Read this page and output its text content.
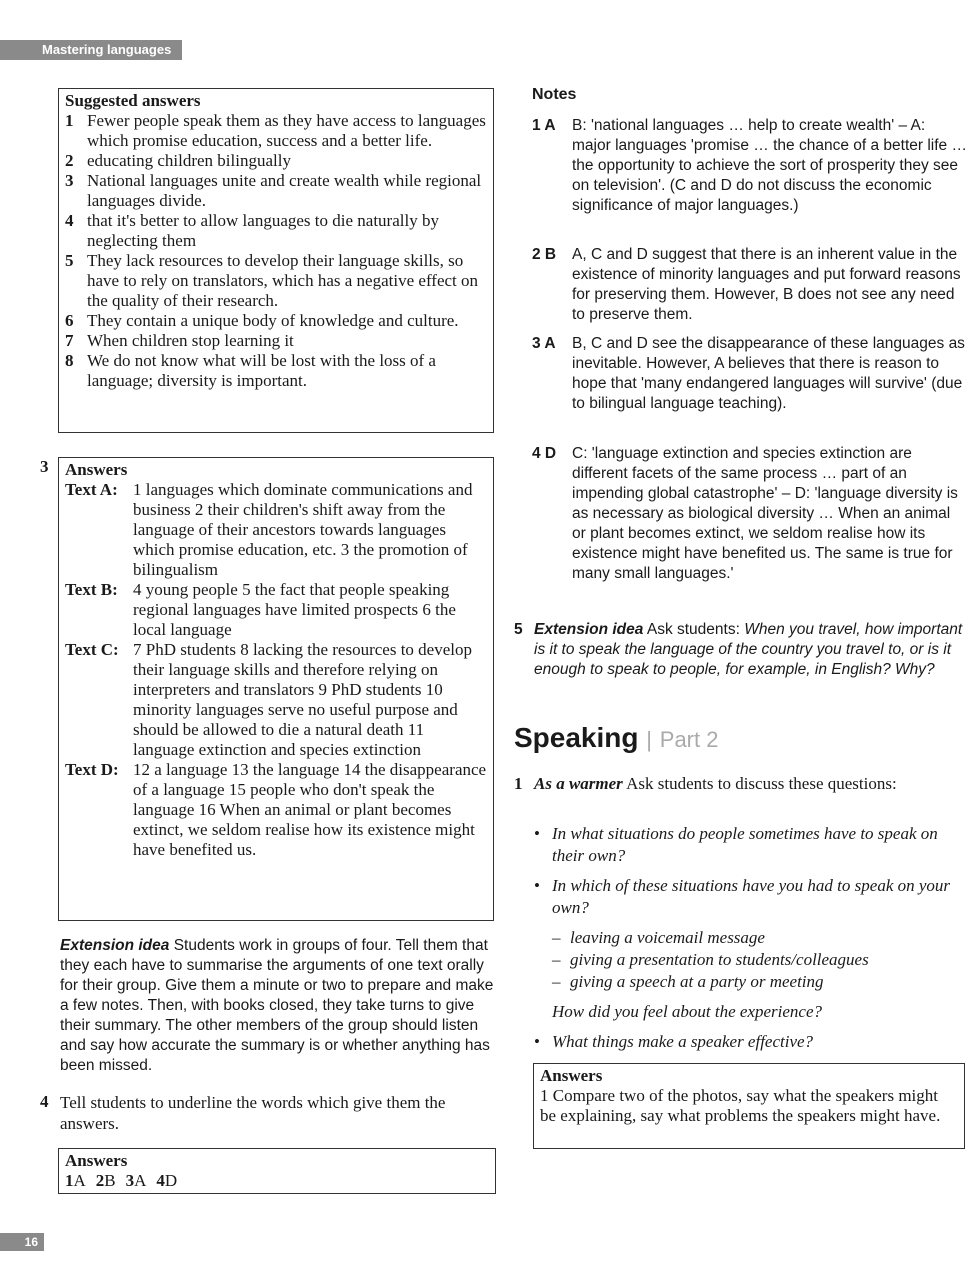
Mastering languages
Suggested answers
1 Fewer people speak them as they have access to languages which promise education, success and a better life.
2 educating children bilingually
3 National languages unite and create wealth while regional languages divide.
4 that it's better to allow languages to die naturally by neglecting them
5 They lack resources to develop their language skills, so have to rely on translators, which has a negative effect on the quality of their research.
6 They contain a unique body of knowledge and culture.
7 When children stop learning it
8 We do not know what will be lost with the loss of a language; diversity is important.
3 Answers
Text A: 1 languages which dominate communications and business 2 their children's shift away from the language of their ancestors towards languages which promise education, etc. 3 the promotion of bilingualism
Text B: 4 young people 5 the fact that people speaking regional languages have limited prospects 6 the local language
Text C: 7 PhD students 8 lacking the resources to develop their language skills and therefore relying on interpreters and translators 9 PhD students 10 minority languages serve no useful purpose and should be allowed to die a natural death 11 language extinction and species extinction
Text D: 12 a language 13 the language 14 the disappearance of a language 15 people who don't speak the language 16 When an animal or plant becomes extinct, we seldom realise how its existence might have benefited us.
Extension idea Students work in groups of four. Tell them that they each have to summarise the arguments of one text orally for their group. Give them a minute or two to prepare and make a few notes. Then, with books closed, they take turns to give their summary. The other members of the group should listen and say how accurate the summary is or whether anything has been missed.
4 Tell students to underline the words which give them the answers.
Answers
1A 2B 3A 4D
16
Notes
1 A	B: 'national languages … help to create wealth' – A: major languages 'promise … the chance of a better life … the opportunity to achieve the sort of prosperity they see on television'. (C and D do not discuss the economic significance of major languages.)
2 B	A, C and D suggest that there is an inherent value in the existence of minority languages and put forward reasons for preserving them. However, B does not see any need to preserve them.
3 A	B, C and D see the disappearance of these languages as inevitable. However, A believes that there is reason to hope that 'many endangered languages will survive' (due to bilingual language teaching).
4 D	C: 'language extinction and species extinction are different facets of the same process … part of an impending global catastrophe' – D: 'language diversity is as necessary as biological diversity … When an animal or plant becomes extinct, we seldom realise how its existence might have benefited us. The same is true for many small languages.'
5 Extension idea Ask students: When you travel, how important is it to speak the language of the country you travel to, or is it enough to speak to people, for example, in English? Why?
Speaking | Part 2
1 As a warmer Ask students to discuss these questions:
• In what situations do people sometimes have to speak on their own?
• In which of these situations have you had to speak on your own?
– leaving a voicemail message
– giving a presentation to students/colleagues
– giving a speech at a party or meeting
How did you feel about the experience?
• What things make a speaker effective?
Answers
1 Compare two of the photos, say what the speakers might be explaining, say what problems the speakers might have.
